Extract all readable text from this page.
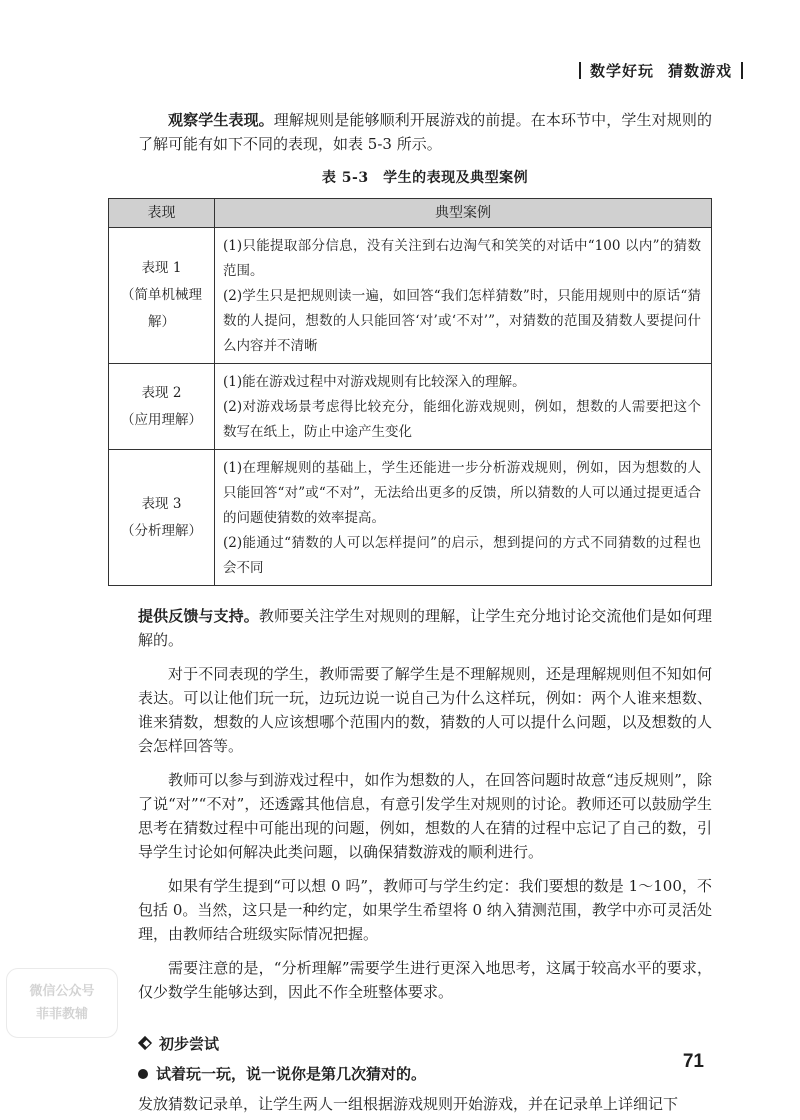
数学好玩 猜数游戏

观察学生表现。理解规则是能够顺利开展游戏的前提。在本环节中，学生对规则的了解可能有如下不同的表现，如表 5-3 所示。

表 5-3　学生的表现及典型案例
表现	典型案例

表现 1
（简单机械理解）	(1)只能提取部分信息，没有关注到右边淘气和笑笑的对话中“100 以内”的猜数范围。
(2)学生只是把规则读一遍，如回答“我们怎样猜数”时，只能用规则中的原话“猜数的人提问，想数的人只能回答‘对’或‘不对’”，对猜数的范围及猜数人要提问什么内容并不清晰

表现 2
（应用理解）	(1)能在游戏过程中对游戏规则有比较深入的理解。
(2)对游戏场景考虑得比较充分，能细化游戏规则，例如，想数的人需要把这个数写在纸上，防止中途产生变化

表现 3
（分析理解）	(1)在理解规则的基础上，学生还能进一步分析游戏规则，例如，因为想数的人只能回答“对”或“不对”，无法给出更多的反馈，所以猜数的人可以通过提更适合的问题使猜数的效率提高。
(2)能通过“猜数的人可以怎样提问”的启示，想到提问的方式不同猜数的过程也会不同

提供反馈与支持。教师要关注学生对规则的理解，让学生充分地讨论交流他们是如何理解的。

对于不同表现的学生，教师需要了解学生是不理解规则，还是理解规则但不知如何表达。可以让他们玩一玩，边玩边说一说自己为什么这样玩，例如：两个人谁来想数、谁来猜数，想数的人应该想哪个范围内的数，猜数的人可以提什么问题，以及想数的人会怎样回答等。

教师可以参与到游戏过程中，如作为想数的人，在回答问题时故意“违反规则”，除了说“对”“不对”，还透露其他信息，有意引发学生对规则的讨论。教师还可以鼓励学生思考在猜数过程中可能出现的问题，例如，想数的人在猜的过程中忘记了自己的数，引导学生讨论如何解决此类问题，以确保猜数游戏的顺利进行。

如果有学生提到“可以想 0 吗”，教师可与学生约定：我们要想的数是 1～100，不包括 0。当然，这只是一种约定，如果学生希望将 0 纳入猜测范围，教学中亦可灵活处理，由教师结合班级实际情况把握。

需要注意的是，“分析理解”需要学生进行更深入地思考，这属于较高水平的要求，仅少数学生能够达到，因此不作全班整体要求。

初步尝试
试着玩一玩，说一说你是第几次猜对的。

发放猜数记录单，让学生两人一组根据游戏规则开始游戏，并在记录单上详细记下

微信公众号
菲菲教辅
71
